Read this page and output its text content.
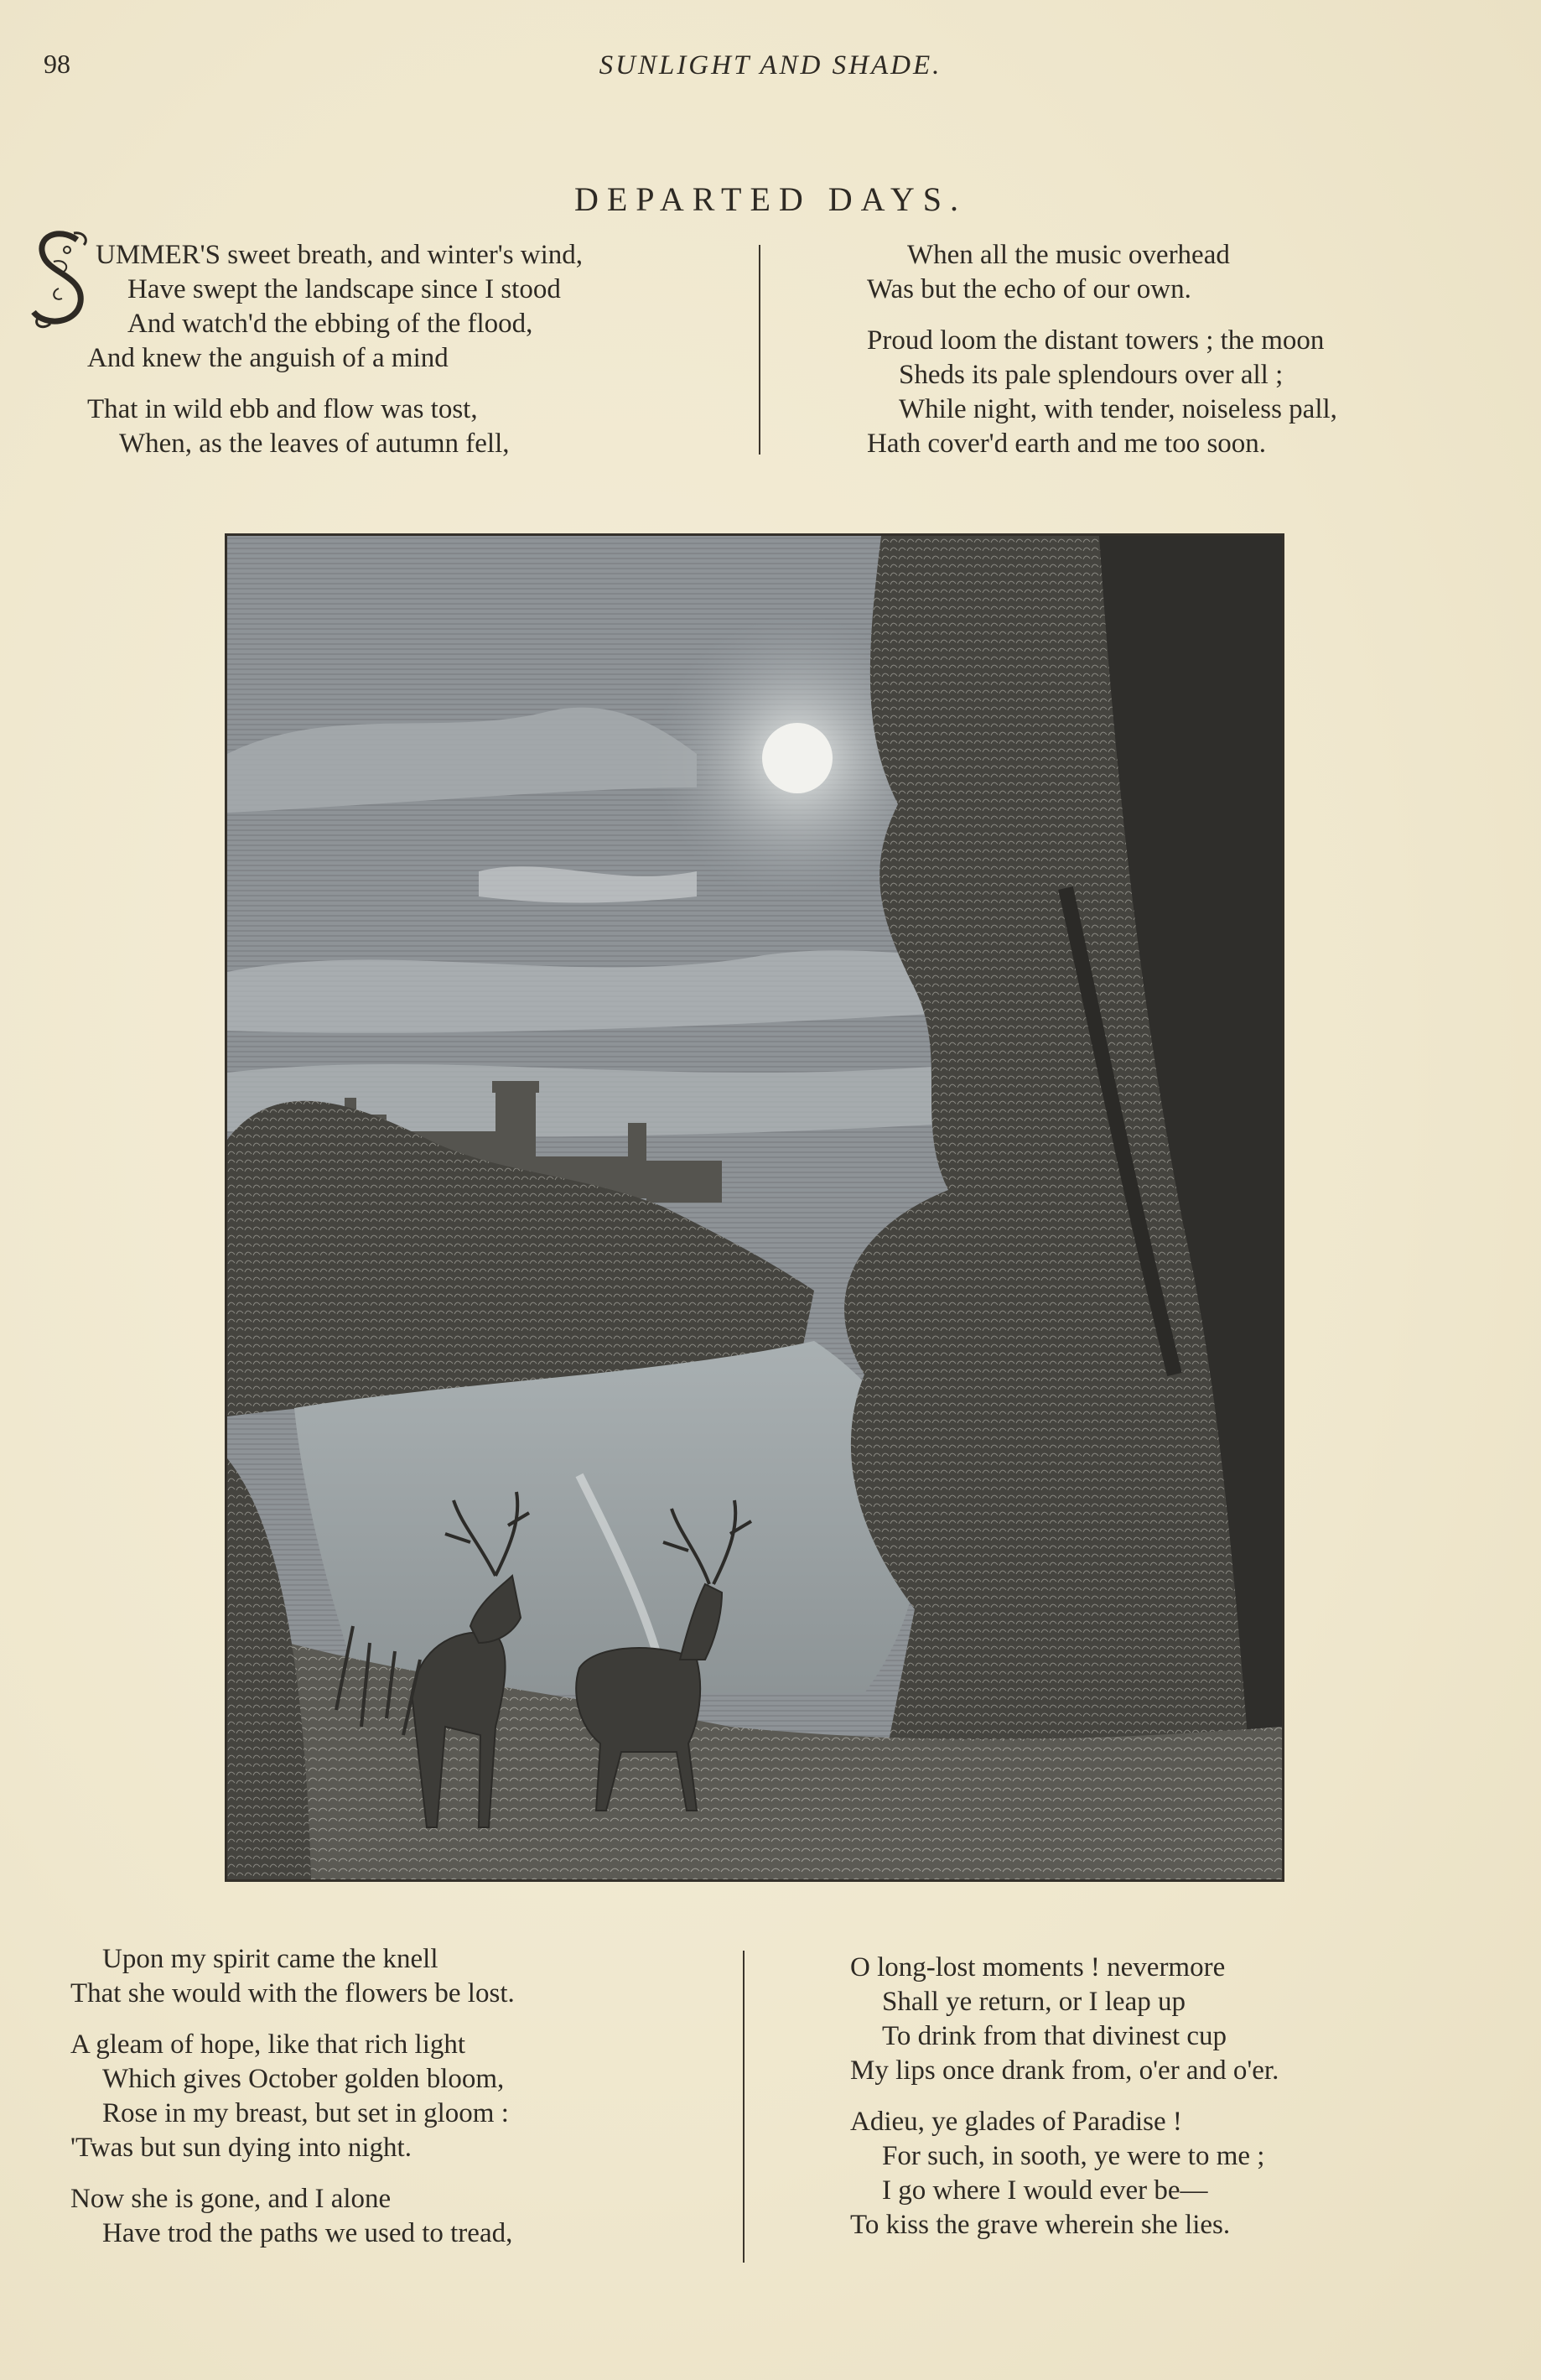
98	SUNLIGHT AND SHADE.
DEPARTED DAYS.
UMMER'S sweet breath, and winter's wind,
Have swept the landscape since I stood
And watch'd the ebbing of the flood,
And knew the anguish of a mind
That in wild ebb and flow was tost,
When, as the leaves of autumn fell,
When all the music overhead
Was but the echo of our own.
Proud loom the distant towers ; the moon
Sheds its pale splendours over all ;
While night, with tender, noiseless pall,
Hath cover'd earth and me too soon.
Upon my spirit came the knell
That she would with the flowers be lost.
A gleam of hope, like that rich light
Which gives October golden bloom,
Rose in my breast, but set in gloom :
'Twas but sun dying into night.
Now she is gone, and I alone
Have trod the paths we used to tread,
O long-lost moments ! nevermore
Shall ye return, or I leap up
To drink from that divinest cup
My lips once drank from, o'er and o'er.
Adieu, ye glades of Paradise !
For such, in sooth, ye were to me ;
I go where I would ever be—
To kiss the grave wherein she lies.
